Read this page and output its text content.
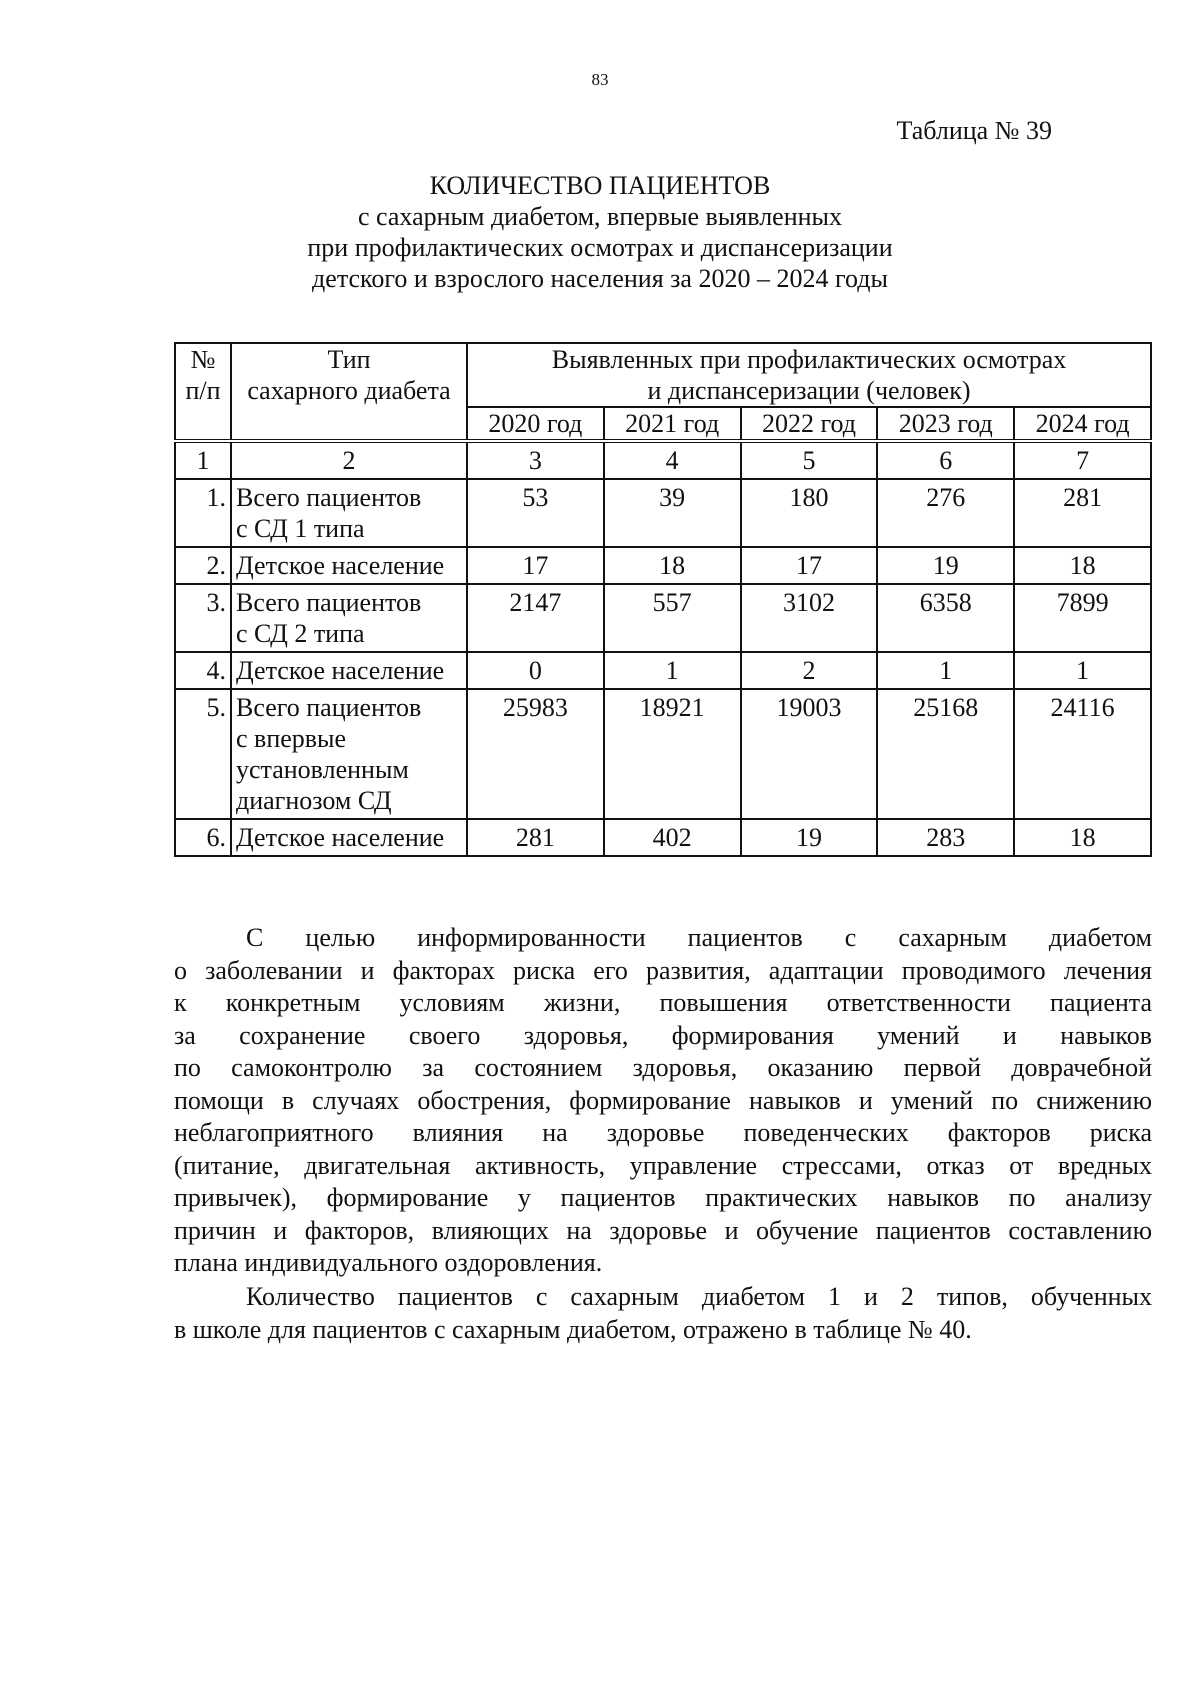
83
Таблица № 39
КОЛИЧЕСТВО ПАЦИЕНТОВ
с сахарным диабетом, впервые выявленных
при профилактических осмотрах и диспансеризации
детского и взрослого населения за 2020 – 2024 годы
№
п/п	Тип
сахарного диабета	Выявленных при профилактических осмотрах
и диспансеризации (человек)				

		2020 год	2021 год	2022 год	2023 год	2024 год
1	2	3	4	5	6	7
1.	Всего пациентов
с СД 1 типа	53	39	180	276	281
2.	Детское население	17	18	17	19	18
3.	Всего пациентов
с СД 2 типа	2147	557	3102	6358	7899
4.	Детское население	0	1	2	1	1
5.	Всего пациентов
с впервые
установленным
диагнозом СД	25983	18921	19003	25168	24116
6.	Детское население	281	402	19	283	18
С целью информированности пациентов с сахарным диабетом
о заболевании и факторах риска его развития, адаптации проводимого лечения
к конкретным условиям жизни, повышения ответственности пациента
за сохранение своего здоровья, формирования умений и навыков
по самоконтролю за состоянием здоровья, оказанию первой доврачебной
помощи в случаях обострения, формирование навыков и умений по снижению
неблагоприятного влияния на здоровье поведенческих факторов риска
(питание, двигательная активность, управление стрессами, отказ от вредных
привычек), формирование у пациентов практических навыков по анализу
причин и факторов, влияющих на здоровье и обучение пациентов составлению
плана индивидуального оздоровления.
Количество пациентов с сахарным диабетом 1 и 2 типов, обученных
в школе для пациентов с сахарным диабетом, отражено в таблице № 40.
